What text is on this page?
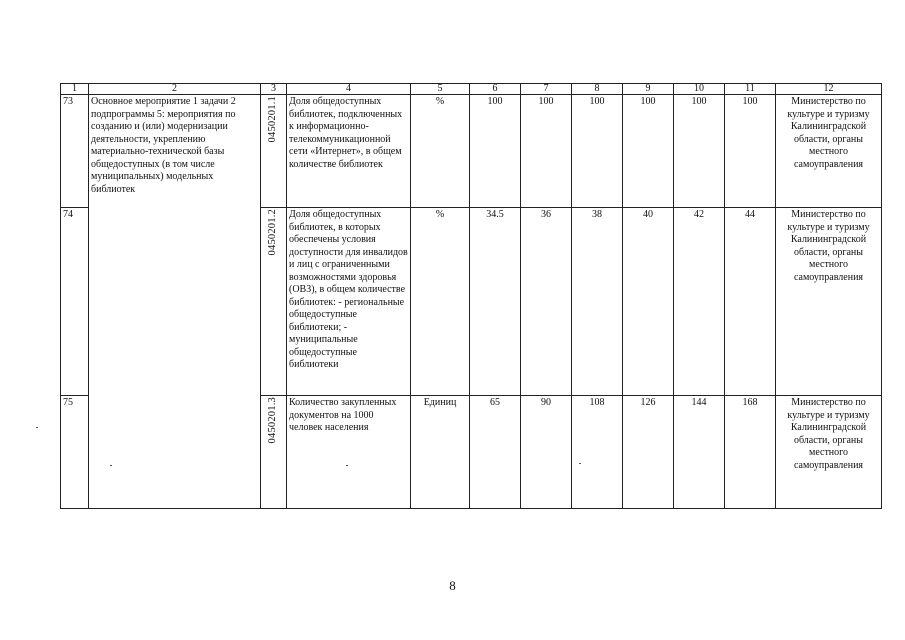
1	2	3	4	5	6	7	8	9	10	11	12
73	Основное мероприятие 1 задачи 2 подпрограммы 5: мероприятия по созданию и (или) модернизации деятельности, укреплению материально-технической базы общедоступных (в том числе муниципальных) модельных библиотек	0450201.1	Доля общедоступных библиотек, подключенных к информационно-телекоммуникационной сети «Интернет», в общем количестве библиотек	%	100	100	100	100	100	100	Министерство по культуре и туризму Калининградской области, органы местного самоуправления
74		0450201.2	Доля общедоступных библиотек, в которых обеспечены условия доступности для инвалидов и лиц с ограниченными возможностями здоровья (ОВЗ), в общем количестве библиотек: - региональные общедоступные библиотеки; - муниципальные общедоступные библиотеки	%	34.5	36	38	40	42	44	Министерство по культуре и туризму Калининградской области, органы местного самоуправления
75		0450201.3	Количество закупленных документов на 1000 человек населения	Единиц	65	90	108	126	144	168	Министерство по культуре и туризму Калининградской области, органы местного самоуправления
8
